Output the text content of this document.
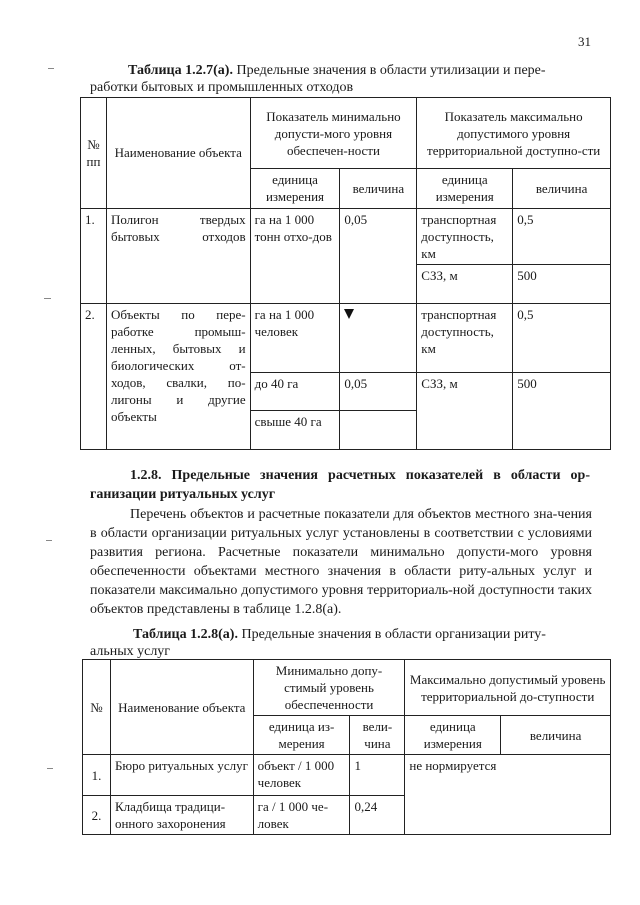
31
Таблица 1.2.7(а). Предельные значения в области утилизации и пере-
работки бытовых и промышленных отходов
№ пп	Наименование объекта	Показатель минимально допусти-мого уровня обеспечен-ности		Показатель максимально допустимого уровня территориальной доступно-сти	
		единица измерения	величина	единица измерения	величина
1.	Полигон твердых бытовых отходов	га на 1 000 тонн отхо-дов	0,05	транспортная доступность, км	0,5
				СЗЗ, м	500
2.	Объекты по пере-работке промыш-ленных, бытовых и биологических от-ходов, свалки, по-лигоны и другие объекты	га на 1 000 человек		транспортная доступность, км	0,5
		до 40 га	0,05	СЗЗ, м	500
		свыше 40 га			
1.2.8. Предельные значения расчетных показателей в области ор-
ганизации ритуальных услуг
Перечень объектов и расчетные показатели для объектов местного зна-чения в области организации ритуальных услуг установлены в соответствии с условиями развития региона. Расчетные показатели минимально допусти-мого уровня обеспеченности объектами местного значения в области риту-альных услуг и показатели максимально допустимого уровня территориаль-ной доступности таких объектов представлены в таблице 1.2.8(а).
Таблица 1.2.8(а). Предельные значения в области организации риту-
альных услуг
№	Наименование объекта	Минимально допу-стимый уровень обеспеченности		Максимально допустимый уровень территориальной до-ступности	
		единица из-мерения	вели-чина	единица измерения	величина
1.	Бюро ритуальных услуг	объект / 1 000 человек	1	не нормируется	
2.	Кладбища традици-онного захоронения	га / 1 000 че-ловек	0,24		
